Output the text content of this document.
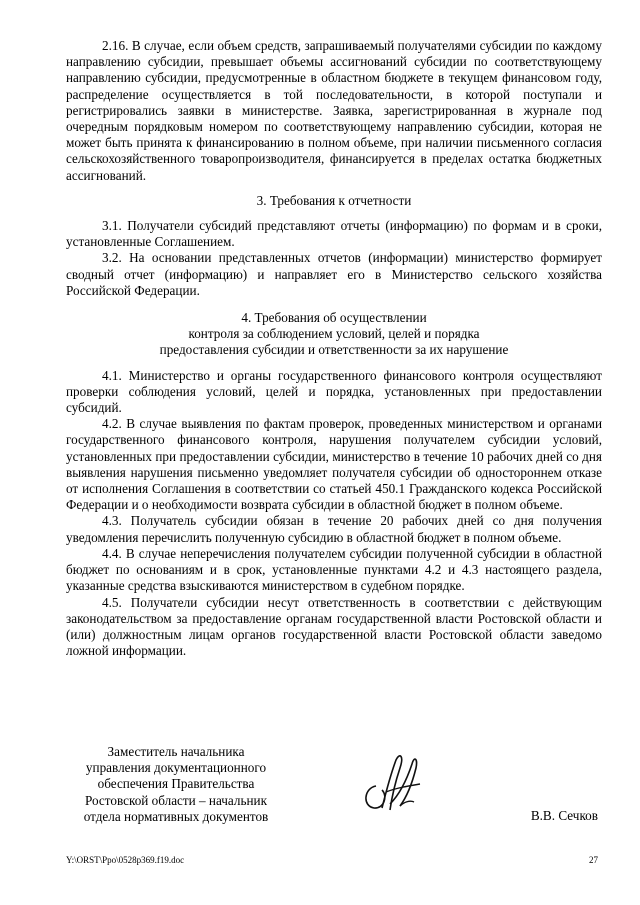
2.16. В случае, если объем средств, запрашиваемый получателями субсидии по каждому направлению субсидии, превышает объемы ассигнований субсидии по соответствующему направлению субсидии, предусмотренные в областном бюджете в текущем финансовом году, распределение осуществляется в той последовательности, в которой поступали и регистрировались заявки в министерстве. Заявка, зарегистрированная в журнале под очередным порядковым номером по соответствующему направлению субсидии, которая не может быть принята к финансированию в полном объеме, при наличии письменного согласия сельскохозяйственного товаропроизводителя, финансируется в пределах остатка бюджетных ассигнований.

3. Требования к отчетности

3.1. Получатели субсидий представляют отчеты (информацию) по формам и в сроки, установленные Соглашением.

3.2. На основании представленных отчетов (информации) министерство формирует сводный отчет (информацию) и направляет его в Министерство сельского хозяйства Российской Федерации.

4. Требования об осуществлении
контроля за соблюдением условий, целей и порядка
предоставления субсидии и ответственности за их нарушение

4.1. Министерство и органы государственного финансового контроля осуществляют проверки соблюдения условий, целей и порядка, установленных при предоставлении субсидий.

4.2. В случае выявления по фактам проверок, проведенных министерством и органами государственного финансового контроля, нарушения получателем субсидии условий, установленных при предоставлении субсидии, министерство в течение 10 рабочих дней со дня выявления нарушения письменно уведомляет получателя субсидии об одностороннем отказе от исполнения Соглашения в соответствии со статьей 450.1 Гражданского кодекса Российской Федерации и о необходимости возврата субсидии в областной бюджет в полном объеме.

4.3. Получатель субсидии обязан в течение 20 рабочих дней со дня получения уведомления перечислить полученную субсидию в областной бюджет в полном объеме.

4.4. В случае неперечисления получателем субсидии полученной субсидии в областной бюджет по основаниям и в срок, установленные пунктами 4.2 и 4.3 настоящего раздела, указанные средства взыскиваются министерством в судебном порядке.

4.5. Получатели субсидии несут ответственность в соответствии с действующим законодательством за предоставление органам государственной власти Ростовской области и (или) должностным лицам органов государственной власти Ростовской области заведомо ложной информации.

Заместитель начальника
управления документационного
обеспечения Правительства
Ростовской области – начальник
отдела нормативных документов	В.В. Сечков
Y:\ORST\Ppo\0528p369.f19.doc	27
